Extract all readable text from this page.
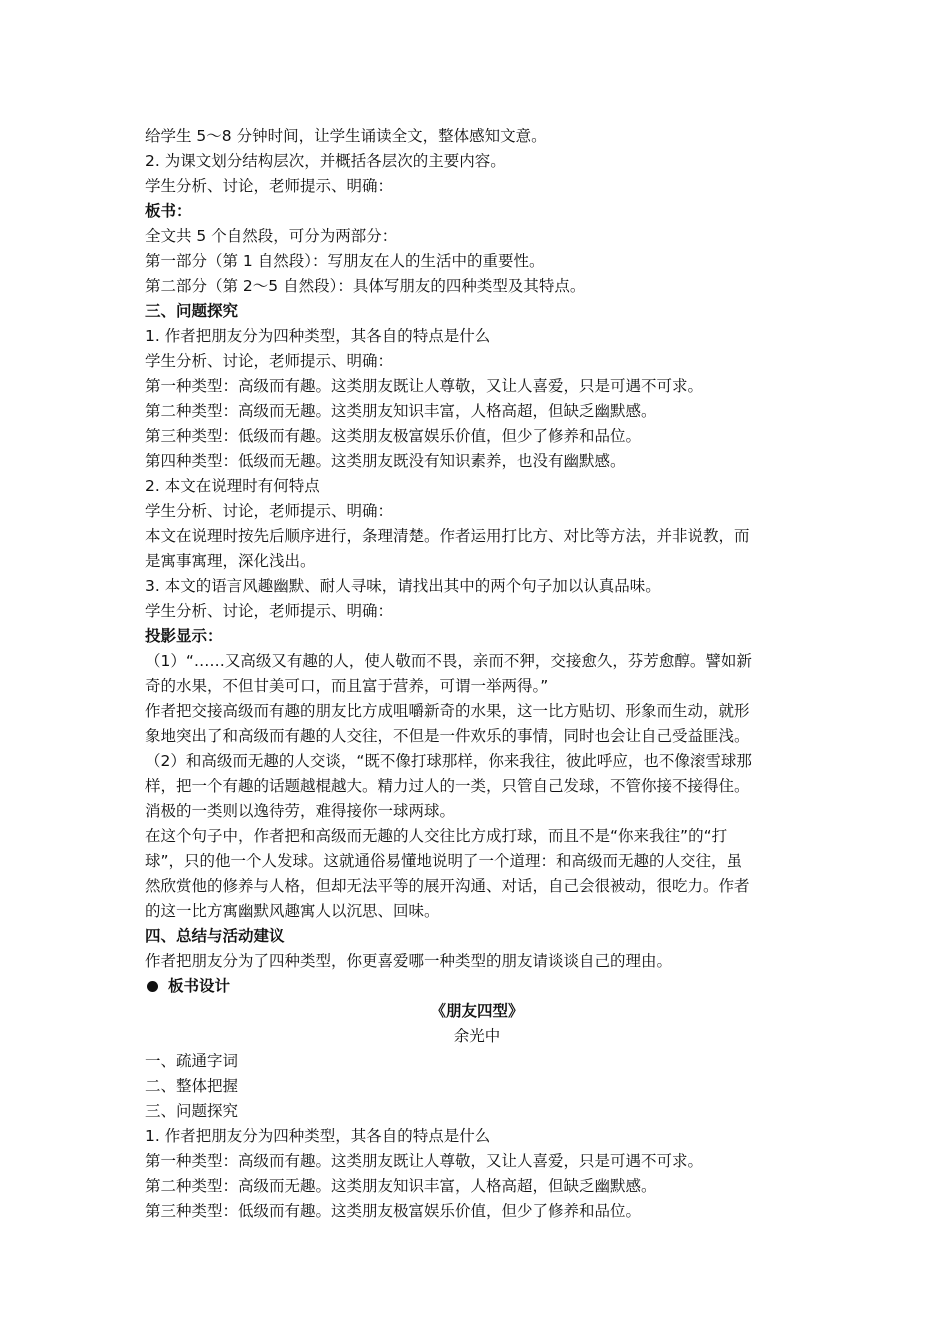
给学生 5～8 分钟时间，让学生诵读全文，整体感知文意。
2. 为课文划分结构层次，并概括各层次的主要内容。
学生分析、讨论，老师提示、明确：
板书：
全文共 5 个自然段，可分为两部分：
第一部分（第 1 自然段）：写朋友在人的生活中的重要性。
第二部分（第 2～5 自然段）：具体写朋友的四种类型及其特点。
三、问题探究
1. 作者把朋友分为四种类型，其各自的特点是什么
学生分析、讨论，老师提示、明确：
第一种类型：高级而有趣。这类朋友既让人尊敬，又让人喜爱，只是可遇不可求。
第二种类型：高级而无趣。这类朋友知识丰富，人格高超，但缺乏幽默感。
第三种类型：低级而有趣。这类朋友极富娱乐价值，但少了修养和品位。
第四种类型：低级而无趣。这类朋友既没有知识素养，也没有幽默感。
2. 本文在说理时有何特点
学生分析、讨论，老师提示、明确：
本文在说理时按先后顺序进行，条理清楚。作者运用打比方、对比等方法，并非说教，而
是寓事寓理，深化浅出。
3. 本文的语言风趣幽默、耐人寻味，请找出其中的两个句子加以认真品味。
学生分析、讨论，老师提示、明确：
投影显示：
（1）“……又高级又有趣的人，使人敬而不畏，亲而不狎，交接愈久，芬芳愈醇。譬如新
奇的水果，不但甘美可口，而且富于营养，可谓一举两得。”
作者把交接高级而有趣的朋友比方成咀嚼新奇的水果，这一比方贴切、形象而生动，就形
象地突出了和高级而有趣的人交往，不但是一件欢乐的事情，同时也会让自己受益匪浅。
（2）和高级而无趣的人交谈，“既不像打球那样，你来我往，彼此呼应，也不像滚雪球那
样，把一个有趣的话题越棍越大。精力过人的一类，只管自己发球，不管你接不接得住。
消极的一类则以逸待劳，难得接你一球两球。
在这个句子中，作者把和高级而无趣的人交往比方成打球，而且不是“你来我往”的“打
球”，只的他一个人发球。这就通俗易懂地说明了一个道理：和高级而无趣的人交往，虽
然欣赏他的修养与人格，但却无法平等的展开沟通、对话，自己会很被动，很吃力。作者
的这一比方寓幽默风趣寓人以沉思、回味。
四、总结与活动建议
作者把朋友分为了四种类型，你更喜爱哪一种类型的朋友请谈谈自己的理由。
板书设计
《朋友四型》
余光中
一、疏通字词
二、整体把握
三、问题探究
1. 作者把朋友分为四种类型，其各自的特点是什么
第一种类型：高级而有趣。这类朋友既让人尊敬，又让人喜爱，只是可遇不可求。
第二种类型：高级而无趣。这类朋友知识丰富，人格高超，但缺乏幽默感。
第三种类型：低级而有趣。这类朋友极富娱乐价值，但少了修养和品位。
